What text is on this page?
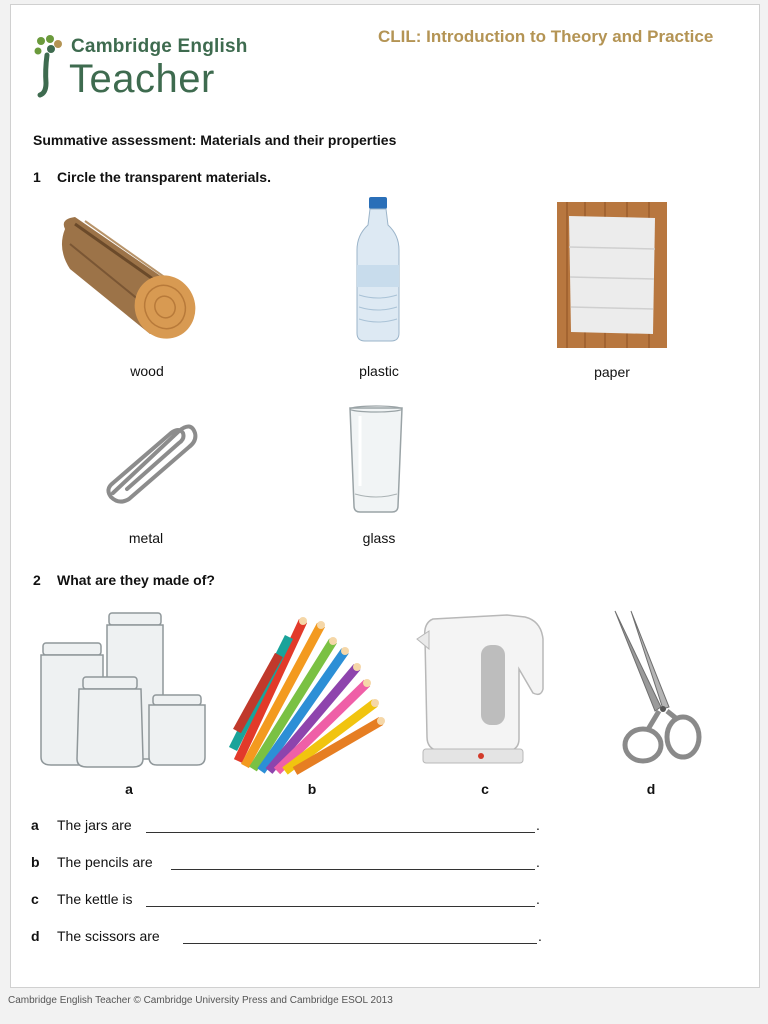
Cambridge English
Teacher
CLIL: Introduction to Theory and Practice
Summative assessment: Materials and their properties
1 Circle the transparent materials.
wood	plastic	paper
metal	glass
2 What are they made of?
a	b	c	d
a The jars are	.
b The pencils are	.
c The kettle is	.
d The scissors are	.
Cambridge English Teacher © Cambridge University Press and Cambridge ESOL 2013
